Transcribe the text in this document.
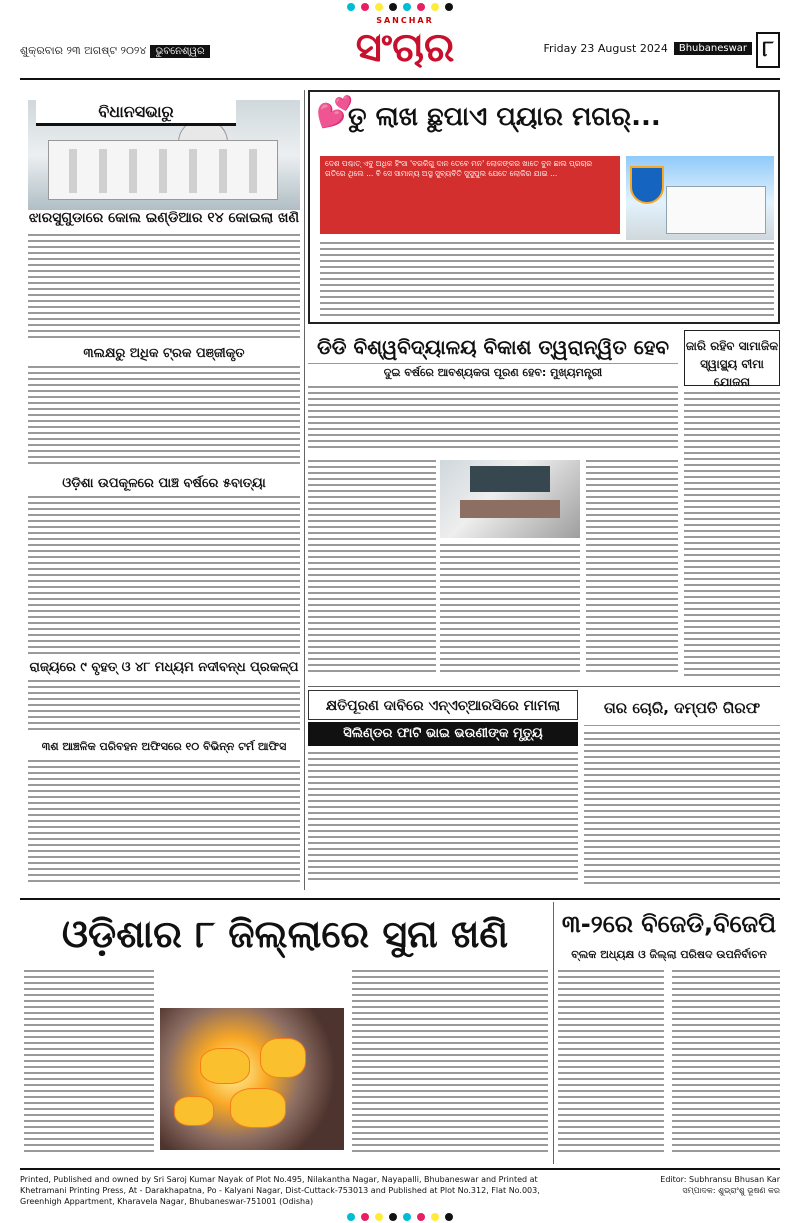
ଶୁକ୍ରବାର ୨୩ ଅଗଷ୍ଟ ୨୦୨୪ ଭୁବନେଶ୍ୱର
SANCHAR
ସଂଚାର	Friday 23 August 2024	Bhubaneswar ୮
ବିଧାନସଭାରୁ
ଝାରସୁଗୁଡାରେ କୋଲ ଇଣ୍ଡିଆର ୧୪ କୋଇଲା ଖଣି
୩ଲକ୍ଷରୁ ଅଧିକ ଟ୍ରକ ପଞ୍ଜୀକୃତ
ଓଡ଼ିଶା ଉପକୂଳରେ ପାଞ୍ଚ ବର୍ଷରେ ୫ବାତ୍ୟା
ରାଜ୍ୟରେ ୯ ବୃହତ୍ ଓ ୪୮ ମଧ୍ୟମ ନଦୀବନ୍ଧ ପ୍ରକଳ୍ପ
୩ଶ ଆଞ୍ଚଳିକ ପରିବହନ ଅଫିସରେ ୧୦ ବିଭିନ୍ନ ଟର୍ମ ଆଫିସ
💕
ତୁ ଲାଖ ଛୁପାଏ ପ୍ୟାର ମଗର୍...
ଦେଶ ପଶ୍ଚାତ୍ ଏବୁ ଅଧିକ ହିଂସା 'ବରକିଗୁ ଦାନ ତେବେ ମନ' ଲୋକଙ୍କର ଖାତେ ବୁନ ଛାଲ ପ୍ରଚାର ଗତିରେ ଥିଲେ ... ବି ସେ ସାମାନ୍ୟ ଅସ୍ଥ ସୁବ୍ୟବିତି ସୁସୁପୁଲ ଯେତେ ଲୋକିର ଯାଇ ...
ଡିଡି ବିଶ୍ୱବିଦ୍ୟାଳୟ ବିକାଶ ତ୍ୱରାନ୍ୱିତ ହେବ
ଦୁଇ ବର୍ଷରେ ଆବଶ୍ୟକତା ପୂରଣ ହେବ: ମୁଖ୍ୟମନ୍ତ୍ରୀ
ଜାରି ରହିବ ସାମାଜିକ ସ୍ୱାସ୍ଥ୍ୟ ବୀମା ଯୋଜନା
କ୍ଷତିପୂରଣ ଦାବିରେ ଏନ୍‌ଏଚ୍‌ଆରସିରେ ମାମଲା
ସିଲିଣ୍ଡର ଫାଟି ଭାଇ ଭଉଣୀଙ୍କ ମୃତ୍ୟୁ
ତାର ଚୋରି, ଦମ୍ପତି ଗିରଫ
ଓଡ଼ିଶାର ୮ ଜିଲ୍ଲାରେ ସୁନା ଖଣି	୩-୨ରେ ବିଜେଡି,ବିଜେପି
ବ୍ଲକ ଅଧ୍ୟକ୍ଷ ଓ ଜିଲ୍ଲା ପରିଷଦ ଉପନିର୍ବାଚନ
Printed, Published and owned by Sri Saroj Kumar Nayak of Plot No.495, Nilakantha Nagar, Nayapalli, Bhubaneswar and Printed at Khetramani Printing Press, At - Darakhapatna, Po - Kalyani Nagar, Dist-Cuttack-753013 and Published at Plot No.312, Flat No.003, Greenhigh Appartment, Kharavela Nagar, Bhubaneswar-751001 (Odisha)
Editor: Subhransu Bhusan Kar
ସମ୍ପାଦକ: ଶୁଭ୍ରାଂଶୁ ଭୂଷଣ କର
